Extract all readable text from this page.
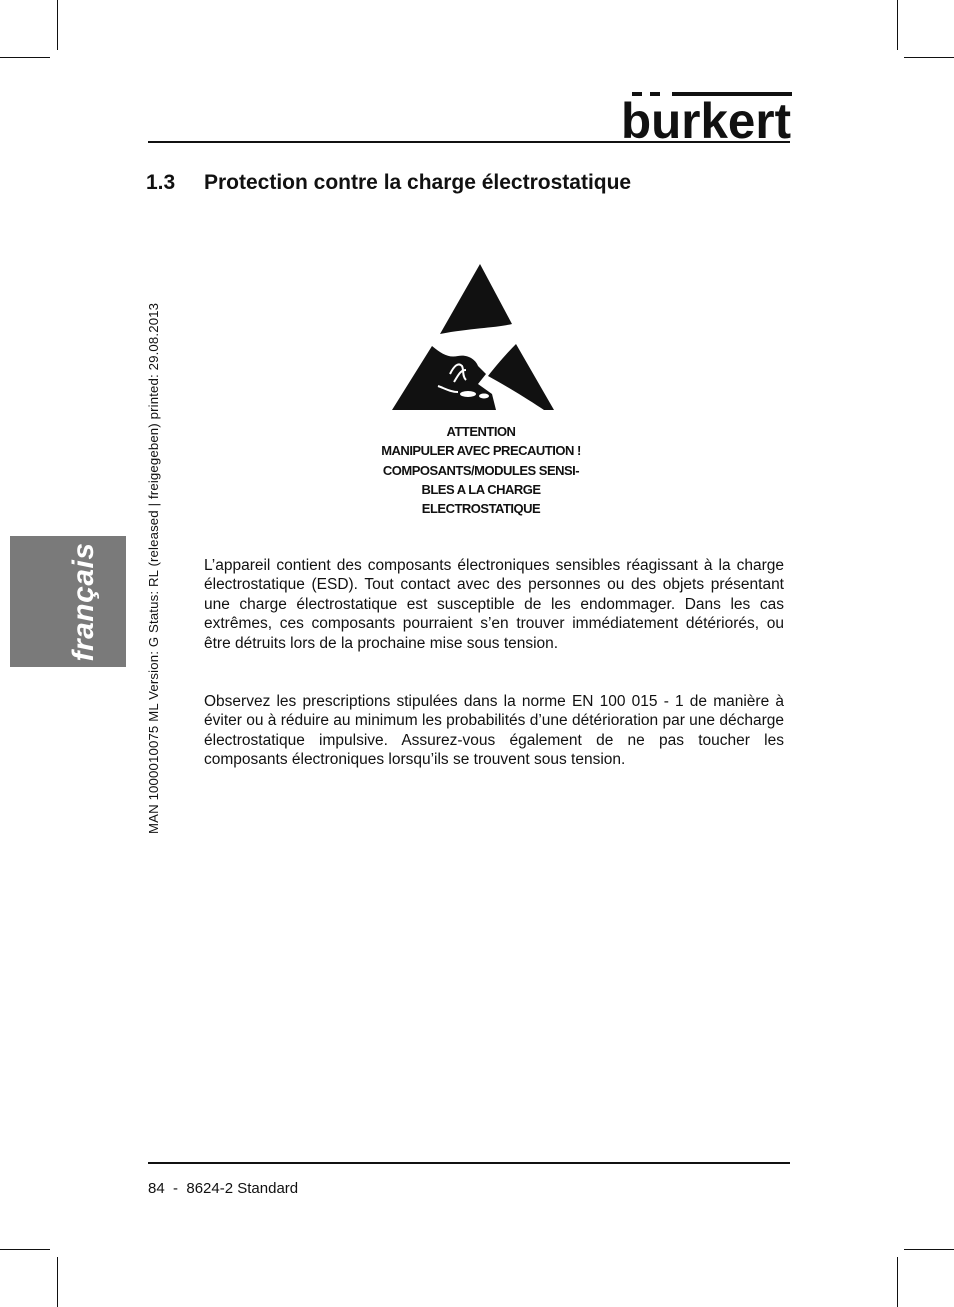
burkert
1.3 Protection contre la charge électrostatique
MAN 1000010075 ML Version: G Status: RL (released | freigegeben) printed: 29.08.2013
français
ATTENTION
MANIPULER AVEC PRECAUTION !
COMPOSANTS/MODULES SENSI-
BLES A LA CHARGE
ELECTROSTATIQUE
L’appareil contient des composants électroniques sensibles réagissant à la charge électrostatique (ESD). Tout contact avec des personnes ou des objets présentant une charge électrostatique est susceptible de les endommager. Dans les cas extrêmes, ces composants pourraient s’en trouver immédiatement détériorés, ou être détruits lors de la prochaine mise sous tension.
Observez les prescriptions stipulées dans la norme EN 100 015 - 1 de manière à éviter ou à réduire au minimum les probabilités d’une détérioration par une décharge électrostatique impulsive. Assurez-vous également de ne pas toucher les composants électroniques lorsqu’ils se trouvent sous tension.
84 - 8624-2 Standard
